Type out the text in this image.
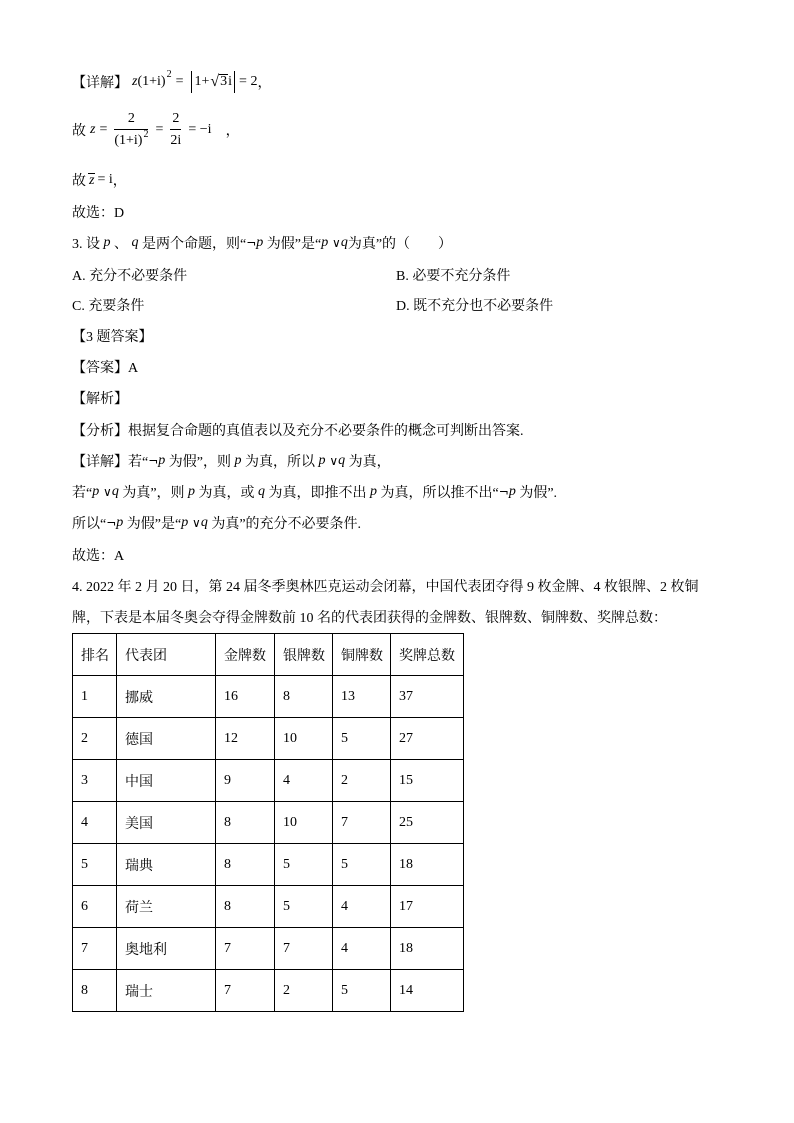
【详解】 z $(1+i)^2 = 1+$ √ 3 i = 2 ，
故 $z = \frac{2}{(1+i)^2} = \frac{2}{2i} = -i$ ，
故 z = i ，
故选：D
3. 设 p 、 q 是两个命题，则“ ¬ p 为假”是“ p ∨ q 为真”的（　　）
A. 充分不必要条件	B. 必要不充分条件
C. 充要条件	D. 既不充分也不必要条件
【3 题答案】
【答案】A
【解析】
【分析】根据复合命题的真值表以及充分不必要条件的概念可判断出答案.
【详解】若“ ¬ p 为假”，则 p 为真，所以 p ∨ q 为真，
若“ p ∨ q 为真”，则 p 为真，或 q 为真，即推不出 p 为真，所以推不出“ ¬ p 为假”.
所以“ ¬ p 为假”是“ p ∨ q 为真”的充分不必要条件.
故选：A
4. 2022 年 2 月 20 日，第 24 届冬季奥林匹克运动会闭幕，中国代表团夺得 9 枚金牌、4 枚银牌、2 枚铜
牌，下表是本届冬奥会夺得金牌数前 10 名的代表团获得的金牌数、银牌数、铜牌数、奖牌总数：
排名	代表团	金牌数	银牌数	铜牌数	奖牌总数
1	挪威	16	8	13	37
2	德国	12	10	5	27
3	中国	9	4	2	15
4	美国	8	10	7	25
5	瑞典	8	5	5	18
6	荷兰	8	5	4	17
7	奥地利	7	7	4	18
8	瑞士	7	2	5	14
